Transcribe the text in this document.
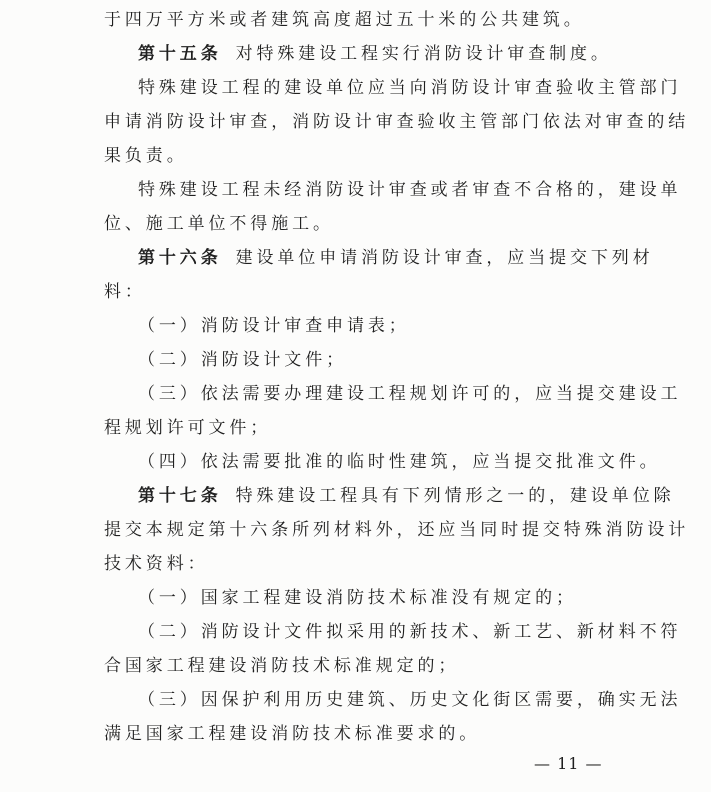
于四万平方米或者建筑高度超过五十米的公共建筑。
第十五条 对特殊建设工程实行消防设计审查制度。
特殊建设工程的建设单位应当向消防设计审查验收主管部门
申请消防设计审查，消防设计审查验收主管部门依法对审查的结
果负责。
特殊建设工程未经消防设计审查或者审查不合格的，建设单
位、施工单位不得施工。
第十六条 建设单位申请消防设计审查，应当提交下列材
料：
（一）消防设计审查申请表；
（二）消防设计文件；
（三）依法需要办理建设工程规划许可的，应当提交建设工
程规划许可文件；
（四）依法需要批准的临时性建筑，应当提交批准文件。
第十七条 特殊建设工程具有下列情形之一的，建设单位除
提交本规定第十六条所列材料外，还应当同时提交特殊消防设计
技术资料：
（一）国家工程建设消防技术标准没有规定的；
（二）消防设计文件拟采用的新技术、新工艺、新材料不符
合国家工程建设消防技术标准规定的；
（三）因保护利用历史建筑、历史文化街区需要，确实无法
满足国家工程建设消防技术标准要求的。
— 11 —
